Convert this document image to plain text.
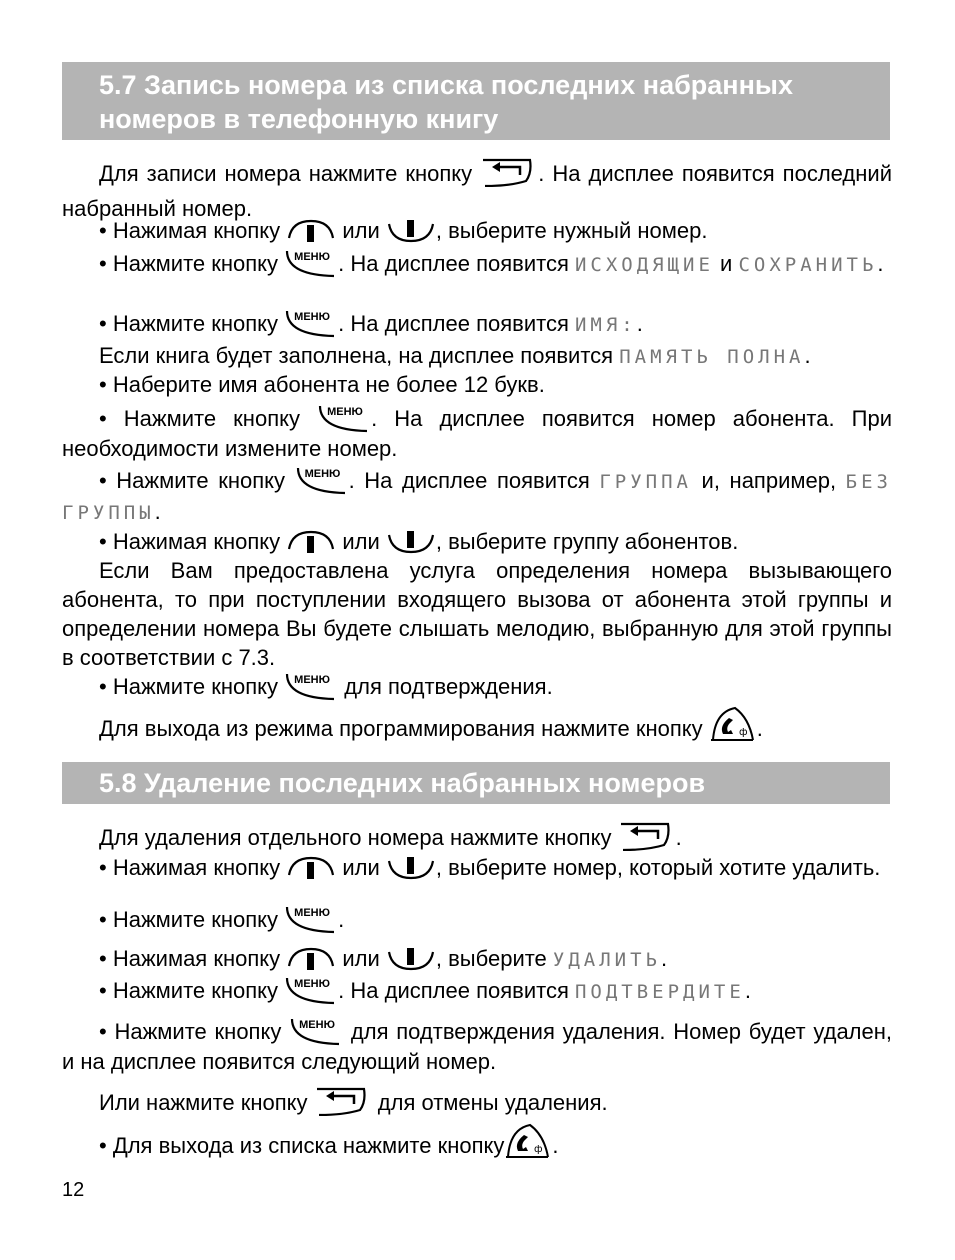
5.7 Запись номера из списка последних набранных
номеров в телефонную книгу
Для записи номера нажмите кнопку	. На дисплее появится последний набранный номер.
• Нажимая кнопку  или , выберите нужный номер.
• Нажмите кнопку МЕНЮ . На дисплее появится ИСХОДЯЩИЕ и СОХРАНИТЬ.
• Нажмите кнопку МЕНЮ . На дисплее появится ИМЯ:.
Если книга будет заполнена, на дисплее появится ПАМЯТЬ ПОЛНА.
• Наберите имя абонента не более 12 букв.
• Нажмите кнопку МЕНЮ . На дисплее появится номер абонента. При необходимости измените номер.
• Нажмите кнопку МЕНЮ . На дисплее появится ГРУППА и, например, БЕЗ ГРУППЫ.
• Нажимая кнопку  или , выберите группу абонентов.
Если Вам предоставлена услуга определения номера вызывающего абонента, то при поступлении входящего вызова от абонента этой группы и определении номера Вы будете слышать мелодию, выбранную для этой группы в соответствии с 7.3.
• Нажмите кнопку МЕНЮ для подтверждения.
Для выхода из режима программирования нажмите кнопку	ф .
5.8 Удаление последних набранных номеров
Для удаления отдельного номера нажмите кнопку	.
• Нажимая кнопку  или , выберите номер, который хотите удалить.
• Нажмите кнопку МЕНЮ .
• Нажимая кнопку  или , выберите УДАЛИТЬ.
• Нажмите кнопку МЕНЮ . На дисплее появится ПОДТВЕРДИТЕ.
• Нажмите кнопку МЕНЮ для подтверждения удаления. Номер будет удален, и на дисплее появится следующий номер.
Или нажмите кнопку	для отмены удаления.
• Для выхода из списка нажмите кнопку	ф .
12
